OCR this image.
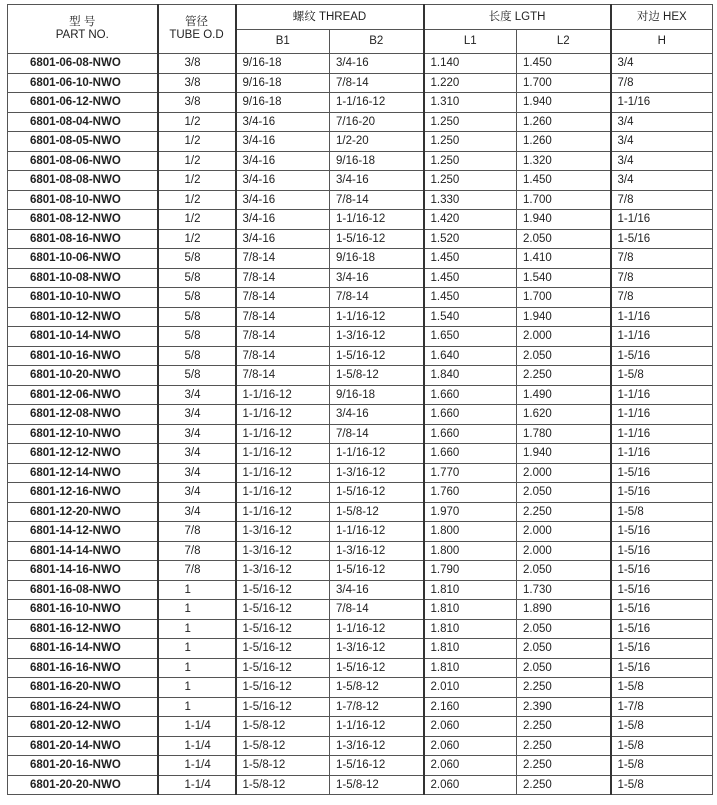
型 号
PART NO.	管径
TUBE O.D	螺纹 THREAD		长度 LGTH		对边 HEX
		B1	B2	L1	L2	H
6801-06-08-NWO	3/8	9/16-18	3/4-16	1.140	1.450	3/4
6801-06-10-NWO	3/8	9/16-18	7/8-14	1.220	1.700	7/8
6801-06-12-NWO	3/8	9/16-18	1-1/16-12	1.310	1.940	1-1/16
6801-08-04-NWO	1/2	3/4-16	7/16-20	1.250	1.260	3/4
6801-08-05-NWO	1/2	3/4-16	1/2-20	1.250	1.260	3/4
6801-08-06-NWO	1/2	3/4-16	9/16-18	1.250	1.320	3/4
6801-08-08-NWO	1/2	3/4-16	3/4-16	1.250	1.450	3/4
6801-08-10-NWO	1/2	3/4-16	7/8-14	1.330	1.700	7/8
6801-08-12-NWO	1/2	3/4-16	1-1/16-12	1.420	1.940	1-1/16
6801-08-16-NWO	1/2	3/4-16	1-5/16-12	1.520	2.050	1-5/16
6801-10-06-NWO	5/8	7/8-14	9/16-18	1.450	1.410	7/8
6801-10-08-NWO	5/8	7/8-14	3/4-16	1.450	1.540	7/8
6801-10-10-NWO	5/8	7/8-14	7/8-14	1.450	1.700	7/8
6801-10-12-NWO	5/8	7/8-14	1-1/16-12	1.540	1.940	1-1/16
6801-10-14-NWO	5/8	7/8-14	1-3/16-12	1.650	2.000	1-1/16
6801-10-16-NWO	5/8	7/8-14	1-5/16-12	1.640	2.050	1-5/16
6801-10-20-NWO	5/8	7/8-14	1-5/8-12	1.840	2.250	1-5/8
6801-12-06-NWO	3/4	1-1/16-12	9/16-18	1.660	1.490	1-1/16
6801-12-08-NWO	3/4	1-1/16-12	3/4-16	1.660	1.620	1-1/16
6801-12-10-NWO	3/4	1-1/16-12	7/8-14	1.660	1.780	1-1/16
6801-12-12-NWO	3/4	1-1/16-12	1-1/16-12	1.660	1.940	1-1/16
6801-12-14-NWO	3/4	1-1/16-12	1-3/16-12	1.770	2.000	1-5/16
6801-12-16-NWO	3/4	1-1/16-12	1-5/16-12	1.760	2.050	1-5/16
6801-12-20-NWO	3/4	1-1/16-12	1-5/8-12	1.970	2.250	1-5/8
6801-14-12-NWO	7/8	1-3/16-12	1-1/16-12	1.800	2.000	1-5/16
6801-14-14-NWO	7/8	1-3/16-12	1-3/16-12	1.800	2.000	1-5/16
6801-14-16-NWO	7/8	1-3/16-12	1-5/16-12	1.790	2.050	1-5/16
6801-16-08-NWO	1	1-5/16-12	3/4-16	1.810	1.730	1-5/16
6801-16-10-NWO	1	1-5/16-12	7/8-14	1.810	1.890	1-5/16
6801-16-12-NWO	1	1-5/16-12	1-1/16-12	1.810	2.050	1-5/16
6801-16-14-NWO	1	1-5/16-12	1-3/16-12	1.810	2.050	1-5/16
6801-16-16-NWO	1	1-5/16-12	1-5/16-12	1.810	2.050	1-5/16
6801-16-20-NWO	1	1-5/16-12	1-5/8-12	2.010	2.250	1-5/8
6801-16-24-NWO	1	1-5/16-12	1-7/8-12	2.160	2.390	1-7/8
6801-20-12-NWO	1-1/4	1-5/8-12	1-1/16-12	2.060	2.250	1-5/8
6801-20-14-NWO	1-1/4	1-5/8-12	1-3/16-12	2.060	2.250	1-5/8
6801-20-16-NWO	1-1/4	1-5/8-12	1-5/16-12	2.060	2.250	1-5/8
6801-20-20-NWO	1-1/4	1-5/8-12	1-5/8-12	2.060	2.250	1-5/8
